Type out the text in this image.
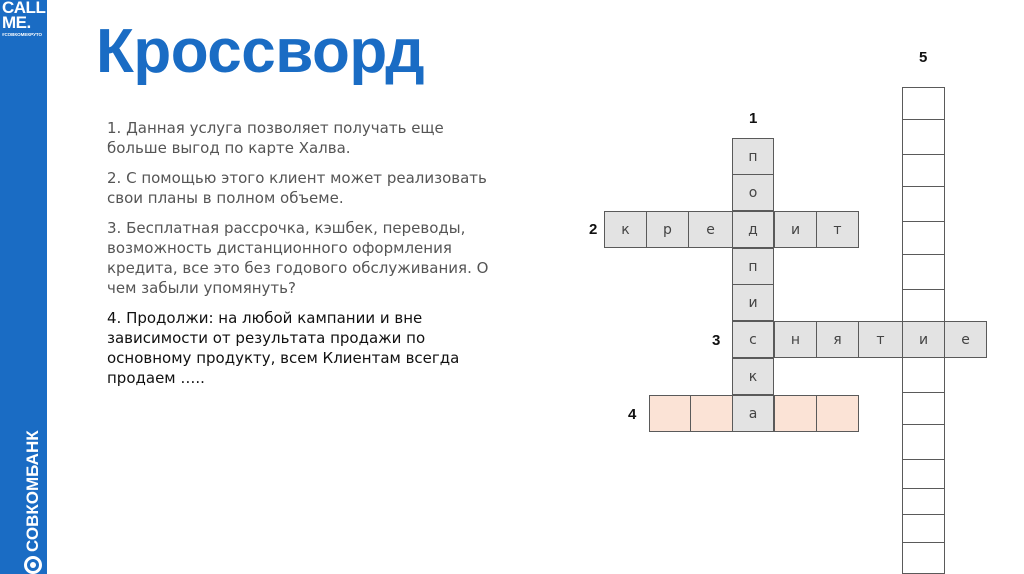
CALL
ME.
#СОВКОМЕКРУТО
СОВКОМБАНК
Кроссворд

1. Данная услуга позволяет получать еще больше выгод по карте Халва.

2. С помощью этого клиент может реализовать свои планы в полном объеме.

3. Бесплатная рассрочка, кэшбек, переводы, возможность дистанционного оформления кредита, все это без годового обслуживания. О чем забыли упомянуть?

4. Продолжи: на любой кампании и вне зависимости от результата продажи по основному продукту, всем Клиентам всегда продаем …..

1
2
3
4
5
п
о
д
п
и
с
к
а
к	р	е	и	т
н	я	т	и	е
